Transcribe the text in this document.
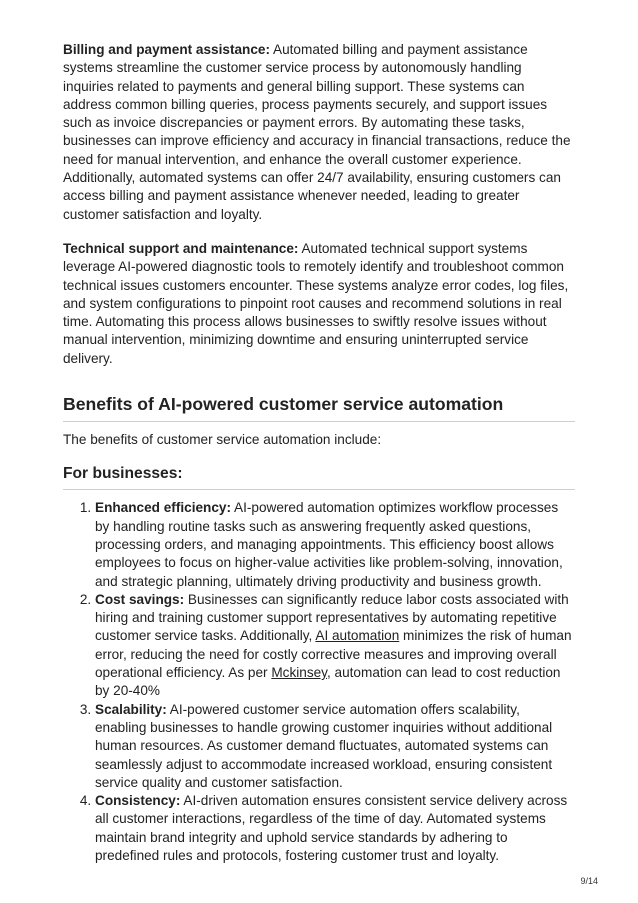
Billing and payment assistance: Automated billing and payment assistance systems streamline the customer service process by autonomously handling inquiries related to payments and general billing support. These systems can address common billing queries, process payments securely, and support issues such as invoice discrepancies or payment errors. By automating these tasks, businesses can improve efficiency and accuracy in financial transactions, reduce the need for manual intervention, and enhance the overall customer experience. Additionally, automated systems can offer 24/7 availability, ensuring customers can access billing and payment assistance whenever needed, leading to greater customer satisfaction and loyalty.

Technical support and maintenance: Automated technical support systems leverage AI-powered diagnostic tools to remotely identify and troubleshoot common technical issues customers encounter. These systems analyze error codes, log files, and system configurations to pinpoint root causes and recommend solutions in real time. Automating this process allows businesses to swiftly resolve issues without manual intervention, minimizing downtime and ensuring uninterrupted service delivery.

Benefits of AI-powered customer service automation

The benefits of customer service automation include:

For businesses:
1. Enhanced efficiency: AI-powered automation optimizes workflow processes by handling routine tasks such as answering frequently asked questions, processing orders, and managing appointments. This efficiency boost allows employees to focus on higher-value activities like problem-solving, innovation, and strategic planning, ultimately driving productivity and business growth.
2. Cost savings: Businesses can significantly reduce labor costs associated with hiring and training customer support representatives by automating repetitive customer service tasks. Additionally, AI automation minimizes the risk of human error, reducing the need for costly corrective measures and improving overall operational efficiency. As per Mckinsey, automation can lead to cost reduction by 20-40%
3. Scalability: AI-powered customer service automation offers scalability, enabling businesses to handle growing customer inquiries without additional human resources. As customer demand fluctuates, automated systems can seamlessly adjust to accommodate increased workload, ensuring consistent service quality and customer satisfaction.
4. Consistency: AI-driven automation ensures consistent service delivery across all customer interactions, regardless of the time of day. Automated systems maintain brand integrity and uphold service standards by adhering to predefined rules and protocols, fostering customer trust and loyalty.
9/14
